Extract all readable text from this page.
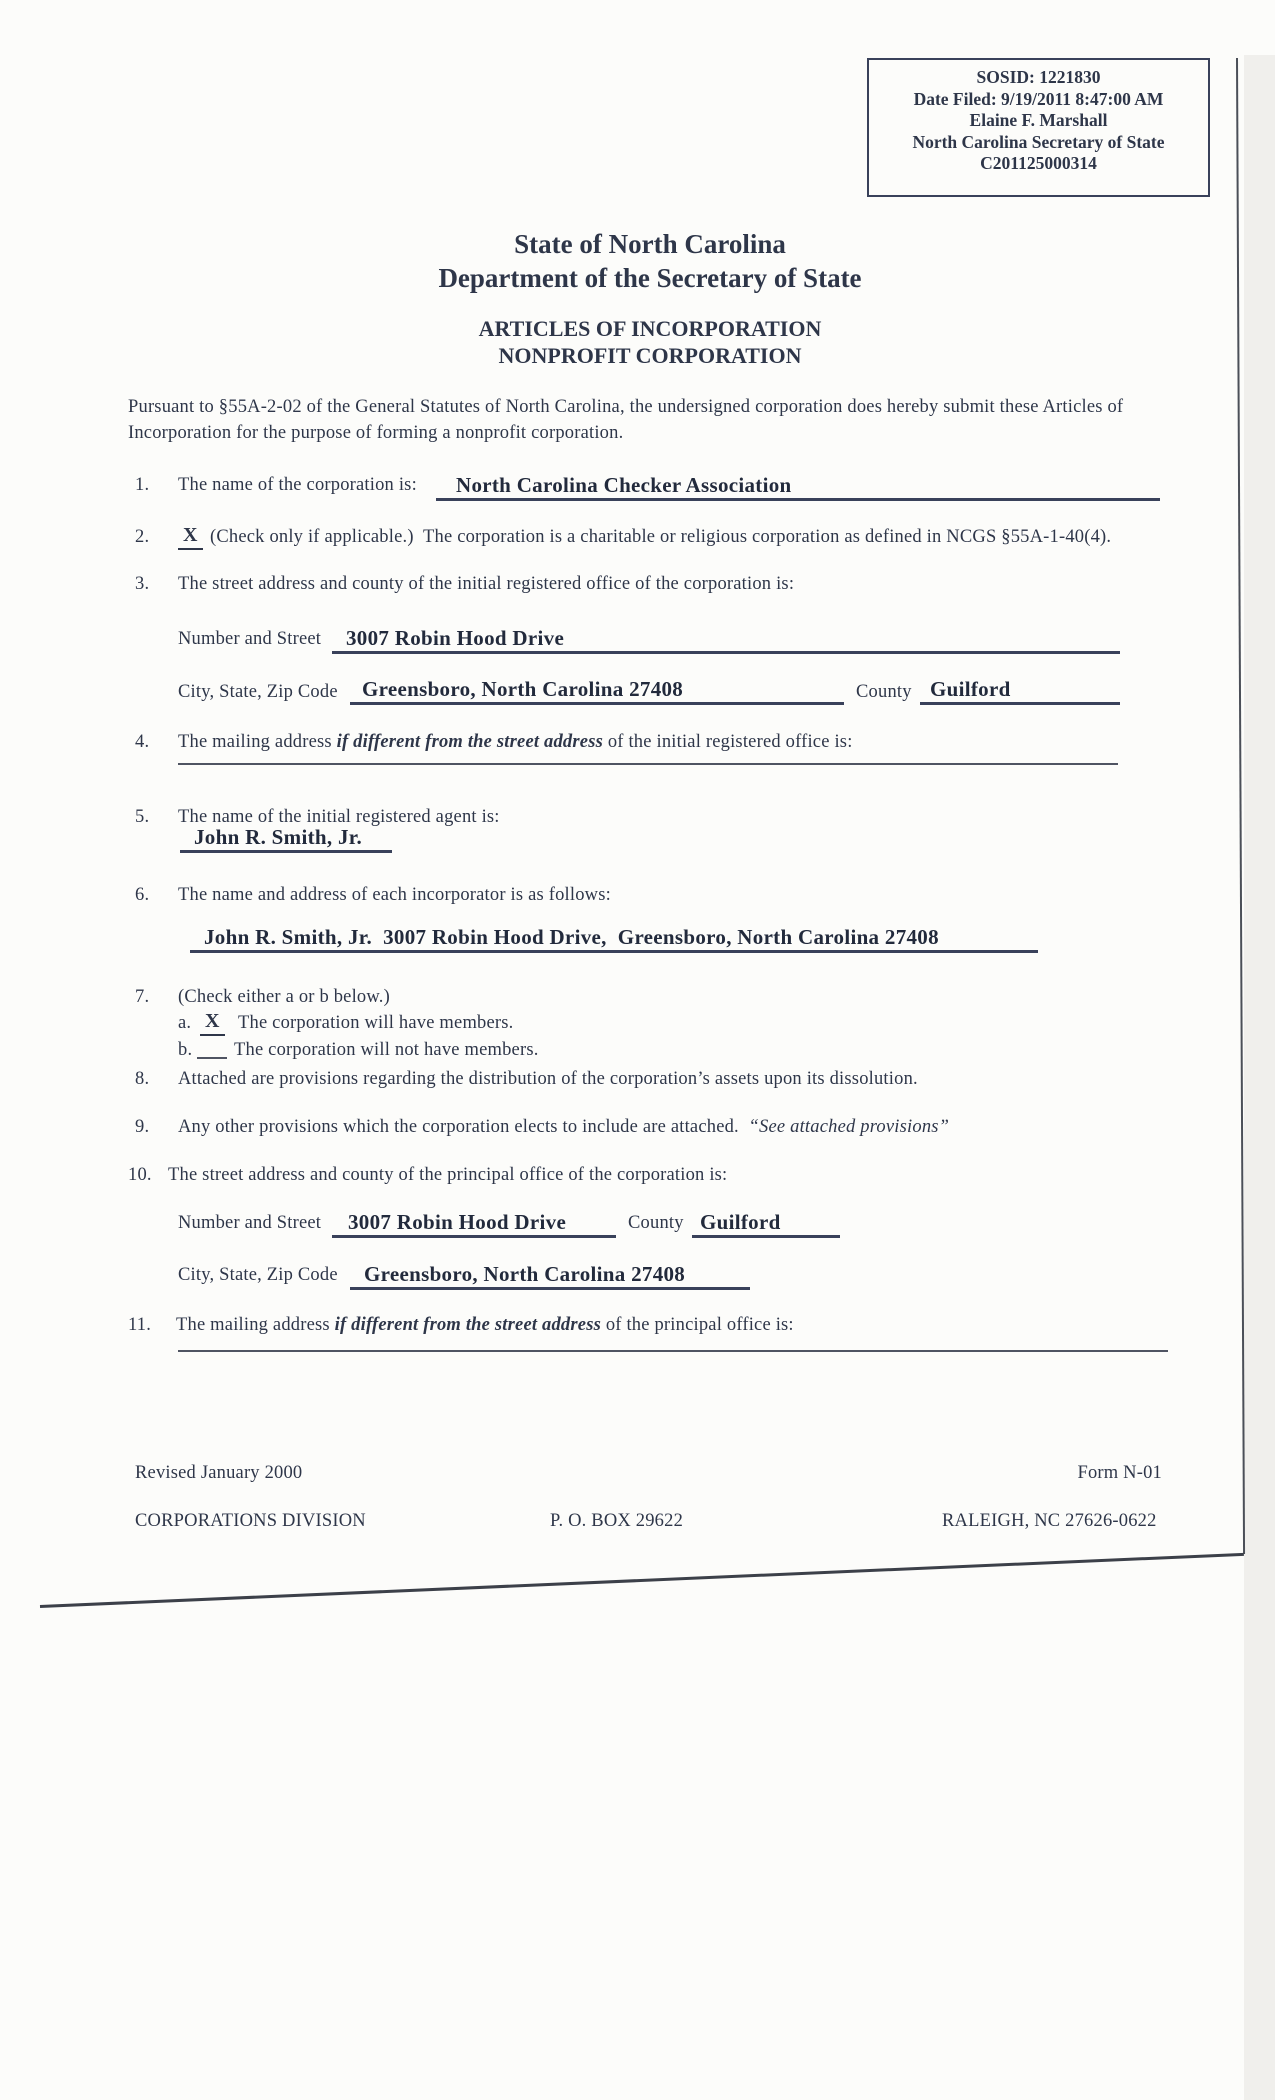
SOSID: 1221830
Date Filed: 9/19/2011 8:47:00 AM
Elaine F. Marshall
North Carolina Secretary of State
C201125000314
State of North Carolina
Department of the Secretary of State
ARTICLES OF INCORPORATION
NONPROFIT CORPORATION
Pursuant to §55A-2-02 of the General Statutes of North Carolina, the undersigned corporation does hereby submit these Articles of Incorporation for the purpose of forming a nonprofit corporation.
1. The name of the corporation is:	North Carolina Checker Association
2. X (Check only if applicable.)  The corporation is a charitable or religious corporation as defined in NCGS §55A-1-40(4).
3. The street address and county of the initial registered office of the corporation is:
Number and Street	3007 Robin Hood Drive
City, State, Zip Code	Greensboro, North Carolina 27408	County Guilford
4. The mailing address if different from the street address of the initial registered office is:
5. The name of the initial registered agent is:
John R. Smith, Jr.
6. The name and address of each incorporator is as follows:
John R. Smith, Jr.  3007 Robin Hood Drive,  Greensboro, North Carolina 27408
7. (Check either a or b below.)
a. X The corporation will have members.
b. The corporation will not have members.
8. Attached are provisions regarding the distribution of the corporation’s assets upon its dissolution.
9. Any other provisions which the corporation elects to include are attached.  “See attached provisions”
10. The street address and county of the principal office of the corporation is:
Number and Street	3007 Robin Hood Drive	County Guilford
City, State, Zip Code	Greensboro, North Carolina 27408
11. The mailing address if different from the street address of the principal office is:
Revised January 2000	Form N-01
CORPORATIONS DIVISION	P. O. BOX 29622	RALEIGH, NC 27626-0622
